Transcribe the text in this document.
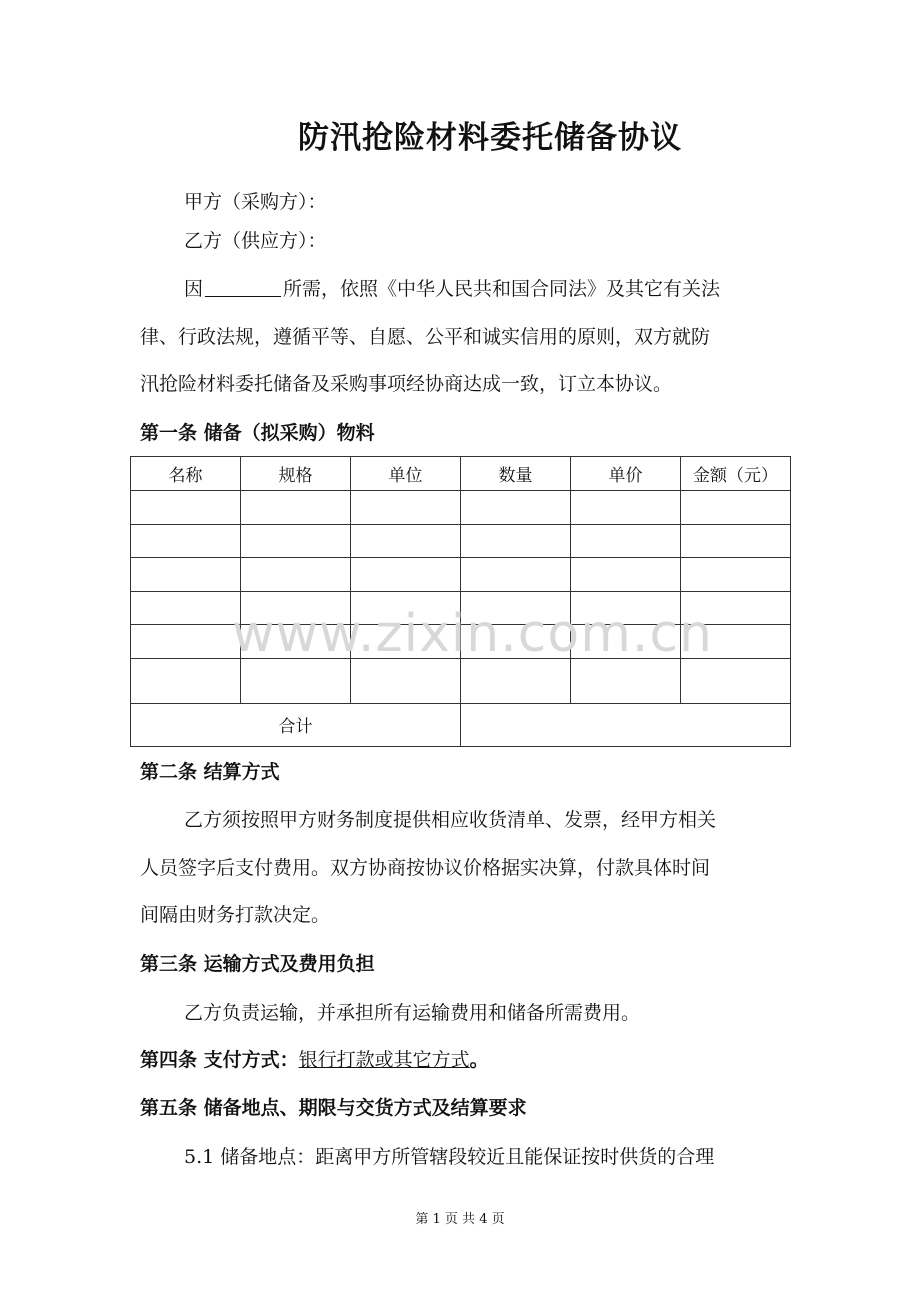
防汛抢险材料委托储备协议
甲方（采购方）：
乙方（供应方）：
因	所需，依照《中华人民共和国合同法》及其它有关法
律、行政法规，遵循平等、自愿、公平和诚实信用的原则，双方就防
汛抢险材料委托储备及采购事项经协商达成一致，订立本协议。
第一条 储备（拟采购）物料
名称	规格	单位	数量	单价	金额（元）

合计					
www.zixin.com.cn
第二条 结算方式
乙方须按照甲方财务制度提供相应收货清单、发票，经甲方相关
人员签字后支付费用。双方协商按协议价格据实决算，付款具体时间
间隔由财务打款决定。
第三条 运输方式及费用负担
乙方负责运输，并承担所有运输费用和储备所需费用。
第四条 支付方式：银行打款或其它方式。
第五条 储备地点、期限与交货方式及结算要求
5.1 储备地点：距离甲方所管辖段较近且能保证按时供货的合理
第 1 页 共 4 页
